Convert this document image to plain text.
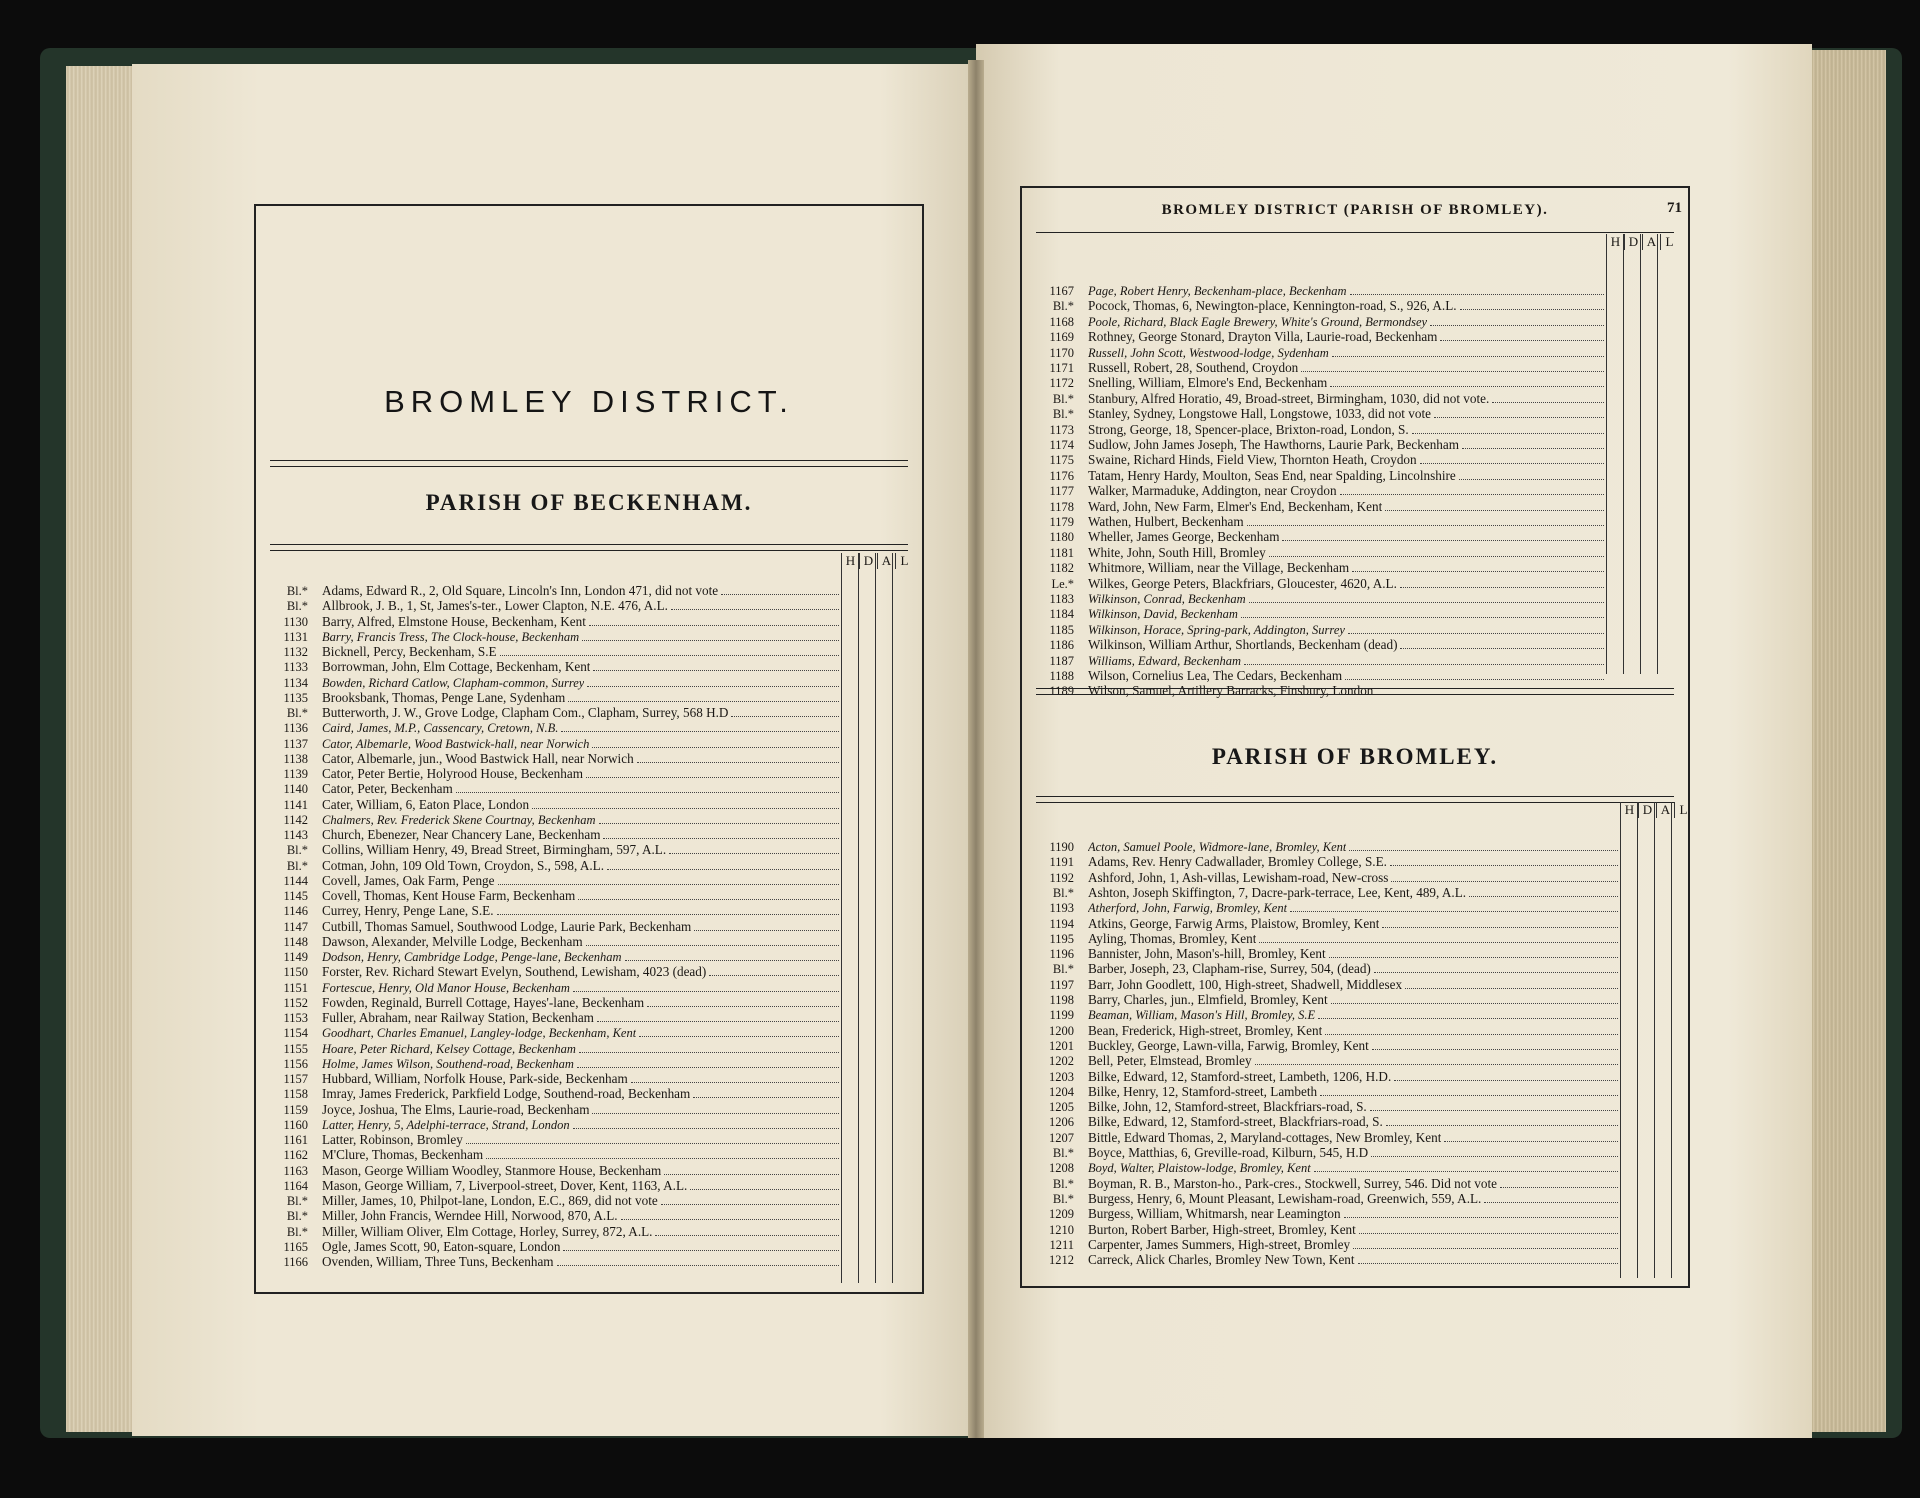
BROMLEY DISTRICT.
PARISH OF BECKENHAM.
H D A L
Bl.*	Adams, Edward R., 2, Old Square, Lincoln's Inn, London 471, did not vote
Bl.*	Allbrook, J. B., 1, St, James's-ter., Lower Clapton, N.E. 476, A.L.
1130	Barry, Alfred, Elmstone House, Beckenham, Kent
1131	Barry, Francis Tress, The Clock-house, Beckenham
1132	Bicknell, Percy, Beckenham, S.E
1133	Borrowman, John, Elm Cottage, Beckenham, Kent
1134	Bowden, Richard Catlow, Clapham-common, Surrey
1135	Brooksbank, Thomas, Penge Lane, Sydenham
Bl.*	Butterworth, J. W., Grove Lodge, Clapham Com., Clapham, Surrey, 568 H.D
1136	Caird, James, M.P., Cassencary, Cretown, N.B.
1137	Cator, Albemarle, Wood Bastwick-hall, near Norwich
1138	Cator, Albemarle, jun., Wood Bastwick Hall, near Norwich
1139	Cator, Peter Bertie, Holyrood House, Beckenham
1140	Cator, Peter, Beckenham
1141	Cater, William, 6, Eaton Place, London
1142	Chalmers, Rev. Frederick Skene Courtnay, Beckenham
1143	Church, Ebenezer, Near Chancery Lane, Beckenham
Bl.*	Collins, William Henry, 49, Bread Street, Birmingham, 597, A.L.
Bl.*	Cotman, John, 109 Old Town, Croydon, S., 598, A.L.
1144	Covell, James, Oak Farm, Penge
1145	Covell, Thomas, Kent House Farm, Beckenham
1146	Currey, Henry, Penge Lane, S.E.
1147	Cutbill, Thomas Samuel, Southwood Lodge, Laurie Park, Beckenham
1148	Dawson, Alexander, Melville Lodge, Beckenham
1149	Dodson, Henry, Cambridge Lodge, Penge-lane, Beckenham
1150	Forster, Rev. Richard Stewart Evelyn, Southend, Lewisham, 4023 (dead)
1151	Fortescue, Henry, Old Manor House, Beckenham
1152	Fowden, Reginald, Burrell Cottage, Hayes'-lane, Beckenham
1153	Fuller, Abraham, near Railway Station, Beckenham
1154	Goodhart, Charles Emanuel, Langley-lodge, Beckenham, Kent
1155	Hoare, Peter Richard, Kelsey Cottage, Beckenham
1156	Holme, James Wilson, Southend-road, Beckenham
1157	Hubbard, William, Norfolk House, Park-side, Beckenham
1158	Imray, James Frederick, Parkfield Lodge, Southend-road, Beckenham
1159	Joyce, Joshua, The Elms, Laurie-road, Beckenham
1160	Latter, Henry, 5, Adelphi-terrace, Strand, London
1161	Latter, Robinson, Bromley
1162	M'Clure, Thomas, Beckenham
1163	Mason, George William Woodley, Stanmore House, Beckenham
1164	Mason, George William, 7, Liverpool-street, Dover, Kent, 1163, A.L.
Bl.*	Miller, James, 10, Philpot-lane, London, E.C., 869, did not vote
Bl.*	Miller, John Francis, Werndee Hill, Norwood, 870, A.L.
Bl.*	Miller, William Oliver, Elm Cottage, Horley, Surrey, 872, A.L.
1165	Ogle, James Scott, 90, Eaton-square, London
1166	Ovenden, William, Three Tuns, Beckenham
BROMLEY DISTRICT (PARISH OF BROMLEY).	71
H D A L
1167	Page, Robert Henry, Beckenham-place, Beckenham
Bl.*	Pocock, Thomas, 6, Newington-place, Kennington-road, S., 926, A.L.
1168	Poole, Richard, Black Eagle Brewery, White's Ground, Bermondsey
1169	Rothney, George Stonard, Drayton Villa, Laurie-road, Beckenham
1170	Russell, John Scott, Westwood-lodge, Sydenham
1171	Russell, Robert, 28, Southend, Croydon
1172	Snelling, William, Elmore's End, Beckenham
Bl.*	Stanbury, Alfred Horatio, 49, Broad-street, Birmingham, 1030, did not vote.
Bl.*	Stanley, Sydney, Longstowe Hall, Longstowe, 1033, did not vote
1173	Strong, George, 18, Spencer-place, Brixton-road, London, S.
1174	Sudlow, John James Joseph, The Hawthorns, Laurie Park, Beckenham
1175	Swaine, Richard Hinds, Field View, Thornton Heath, Croydon
1176	Tatam, Henry Hardy, Moulton, Seas End, near Spalding, Lincolnshire
1177	Walker, Marmaduke, Addington, near Croydon
1178	Ward, John, New Farm, Elmer's End, Beckenham, Kent
1179	Wathen, Hulbert, Beckenham
1180	Wheller, James George, Beckenham
1181	White, John, South Hill, Bromley
1182	Whitmore, William, near the Village, Beckenham
Le.*	Wilkes, George Peters, Blackfriars, Gloucester, 4620, A.L.
1183	Wilkinson, Conrad, Beckenham
1184	Wilkinson, David, Beckenham
1185	Wilkinson, Horace, Spring-park, Addington, Surrey
1186	Wilkinson, William Arthur, Shortlands, Beckenham (dead)
1187	Williams, Edward, Beckenham
1188	Wilson, Cornelius Lea, The Cedars, Beckenham
1189	Wilson, Samuel, Artillery Barracks, Finsbury, London
PARISH OF BROMLEY.
H D A L
1190	Acton, Samuel Poole, Widmore-lane, Bromley, Kent
1191	Adams, Rev. Henry Cadwallader, Bromley College, S.E.
1192	Ashford, John, 1, Ash-villas, Lewisham-road, New-cross
Bl.*	Ashton, Joseph Skiffington, 7, Dacre-park-terrace, Lee, Kent, 489, A.L.
1193	Atherford, John, Farwig, Bromley, Kent
1194	Atkins, George, Farwig Arms, Plaistow, Bromley, Kent
1195	Ayling, Thomas, Bromley, Kent
1196	Bannister, John, Mason's-hill, Bromley, Kent
Bl.*	Barber, Joseph, 23, Clapham-rise, Surrey, 504, (dead)
1197	Barr, John Goodlett, 100, High-street, Shadwell, Middlesex
1198	Barry, Charles, jun., Elmfield, Bromley, Kent
1199	Beaman, William, Mason's Hill, Bromley, S.E
1200	Bean, Frederick, High-street, Bromley, Kent
1201	Buckley, George, Lawn-villa, Farwig, Bromley, Kent
1202	Bell, Peter, Elmstead, Bromley
1203	Bilke, Edward, 12, Stamford-street, Lambeth, 1206, H.D.
1204	Bilke, Henry, 12, Stamford-street, Lambeth
1205	Bilke, John, 12, Stamford-street, Blackfriars-road, S.
1206	Bilke, Edward, 12, Stamford-street, Blackfriars-road, S.
1207	Bittle, Edward Thomas, 2, Maryland-cottages, New Bromley, Kent
Bl.*	Boyce, Matthias, 6, Greville-road, Kilburn, 545, H.D
1208	Boyd, Walter, Plaistow-lodge, Bromley, Kent
Bl.*	Boyman, R. B., Marston-ho., Park-cres., Stockwell, Surrey, 546. Did not vote
Bl.*	Burgess, Henry, 6, Mount Pleasant, Lewisham-road, Greenwich, 559, A.L.
1209	Burgess, William, Whitmarsh, near Leamington
1210	Burton, Robert Barber, High-street, Bromley, Kent
1211	Carpenter, James Summers, High-street, Bromley
1212	Carreck, Alick Charles, Bromley New Town, Kent
